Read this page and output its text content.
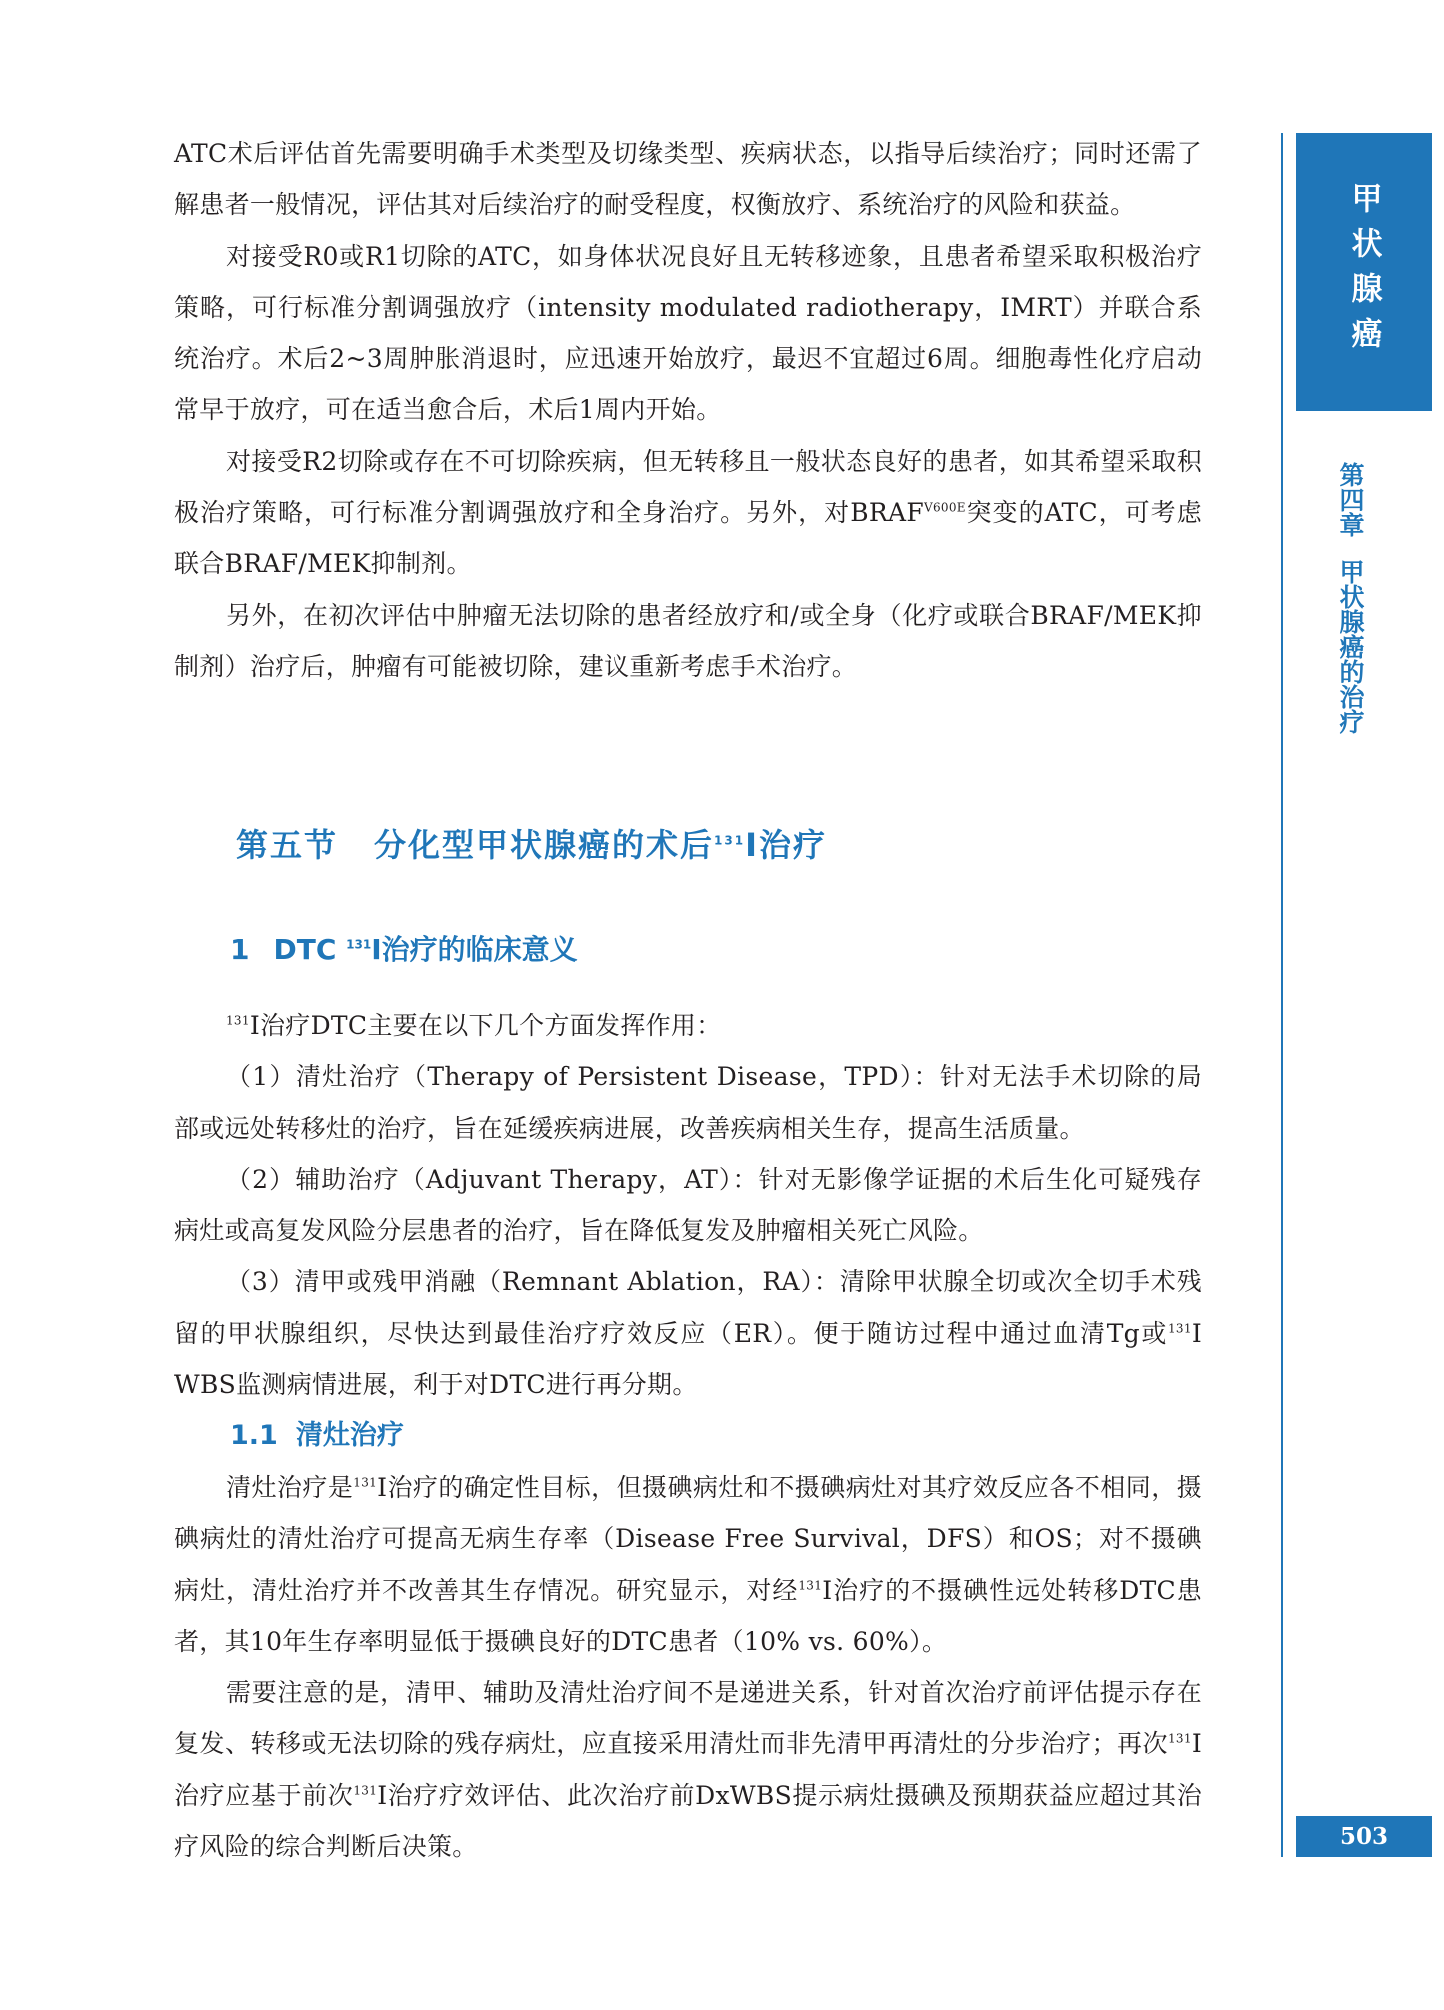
ATC术后评估首先需要明确手术类型及切缘类型、疾病状态，以指导后续治疗；同时还需了解患者一般情况，评估其对后续治疗的耐受程度，权衡放疗、系统治疗的风险和获益。

对接受R0或R1切除的ATC，如身体状况良好且无转移迹象，且患者希望采取积极治疗策略，可行标准分割调强放疗（intensity modulated radiotherapy，IMRT）并联合系统治疗。术后2~3周肿胀消退时，应迅速开始放疗，最迟不宜超过6周。细胞毒性化疗启动常早于放疗，可在适当愈合后，术后1周内开始。

对接受R2切除或存在不可切除疾病，但无转移且一般状态良好的患者，如其希望采取积极治疗策略，可行标准分割调强放疗和全身治疗。另外，对$BRAF^{V600E}$突变的ATC，可考虑联合BRAF/MEK抑制剂。

另外，在初次评估中肿瘤无法切除的患者经放疗和/或全身（化疗或联合BRAF/MEK抑制剂）治疗后，肿瘤有可能被切除，建议重新考虑手术治疗。

第五节 分化型甲状腺癌的术后$^{131}$I治疗
1 DTC $^{131}$I治疗的临床意义

$^{131}$I治疗DTC主要在以下几个方面发挥作用：

（1）清灶治疗（Therapy of Persistent Disease，TPD）：针对无法手术切除的局部或远处转移灶的治疗，旨在延缓疾病进展，改善疾病相关生存，提高生活质量。

（2）辅助治疗（Adjuvant Therapy，AT）：针对无影像学证据的术后生化可疑残存病灶或高复发风险分层患者的治疗，旨在降低复发及肿瘤相关死亡风险。

（3）清甲或残甲消融（Remnant Ablation，RA）：清除甲状腺全切或次全切手术残留的甲状腺组织，尽快达到最佳治疗疗效反应（ER）。便于随访过程中通过血清Tg或$^{131}$I WBS监测病情进展，利于对DTC进行再分期。

1.1 清灶治疗

清灶治疗是$^{131}$I治疗的确定性目标，但摄碘病灶和不摄碘病灶对其疗效反应各不相同，摄碘病灶的清灶治疗可提高无病生存率（Disease Free Survival，DFS）和OS；对不摄碘病灶，清灶治疗并不改善其生存情况。研究显示，对经$^{131}$I治疗的不摄碘性远处转移DTC患者，其10年生存率明显低于摄碘良好的DTC患者（10% vs. 60%）。

需要注意的是，清甲、辅助及清灶治疗间不是递进关系，针对首次治疗前评估提示存在复发、转移或无法切除的残存病灶，应直接采用清灶而非先清甲再清灶的分步治疗；再次$^{131}$I治疗应基于前次$^{131}$I治疗疗效评估、此次治疗前DxWBS提示病灶摄碘及预期获益应超过其治疗风险的综合判断后决策。

甲状腺癌
第四章甲状腺癌的治疗
503
